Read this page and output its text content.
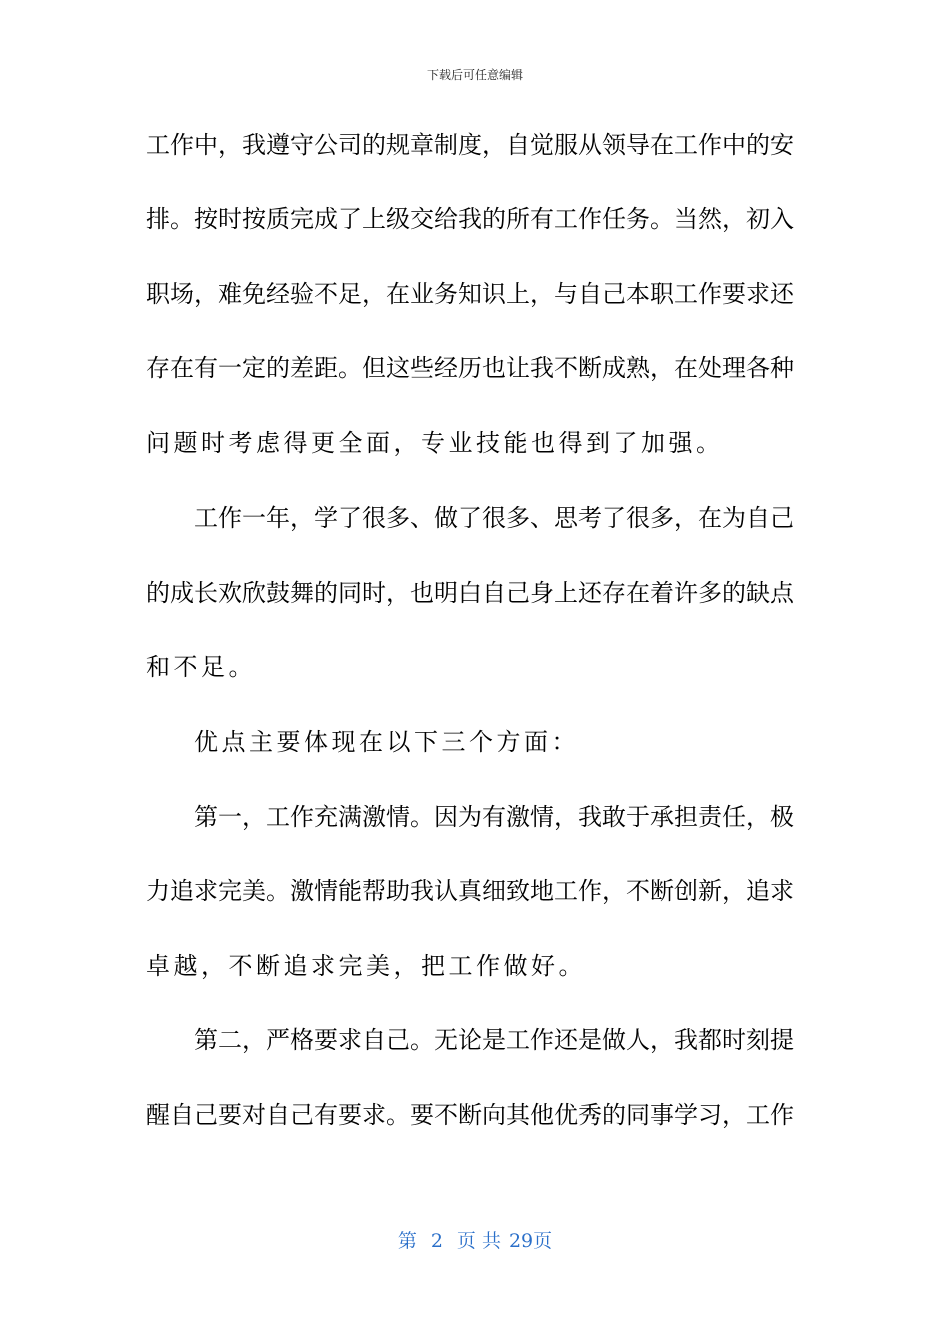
下载后可任意编辑
工 作 中 ， 我 遵 守 公 司 的 规 章 制 度 ， 自 觉 服 从 领 导 在 工 作 中 的 安
排 。 按 时 按 质 完 成 了 上 级 交 给 我 的 所 有 工 作 任 务 。 当 然 ， 初 入
职 场 ， 难 免 经 验 不 足 ， 在 业 务 知 识 上 ， 与 自 己 本 职 工 作 要 求 还
存 在 有 一 定 的 差 距 。 但 这 些 经 历 也 让 我 不 断 成 熟 ， 在 处 理 各 种
问题时考虑得更全面，专业技能也得到了加强。
工 作 一 年 ， 学 了 很 多 、 做 了 很 多 、 思 考 了 很 多 ， 在 为 自 己
的 成 长 欢 欣 鼓 舞 的 同 时 ， 也 明 白 自 己 身 上 还 存 在 着 许 多 的 缺 点
和不足。
优点主要体现在以下三个方面：
第 一 ， 工 作 充 满 激 情 。 因 为 有 激 情 ， 我 敢 于 承 担 责 任 ， 极
力 追 求 完 美 。 激 情 能 帮 助 我 认 真 细 致 地 工 作 ， 不 断 创 新 ， 追 求
卓越，不断追求完美，把工作做好。
第 二 ， 严 格 要 求 自 己 。 无 论 是 工 作 还 是 做 人 ， 我 都 时 刻 提
醒 自 己 要 对 自 己 有 要 求 。 要 不 断 向 其 他 优 秀 的 同 事 学 习 ， 工 作
第 2 页 共 29页
